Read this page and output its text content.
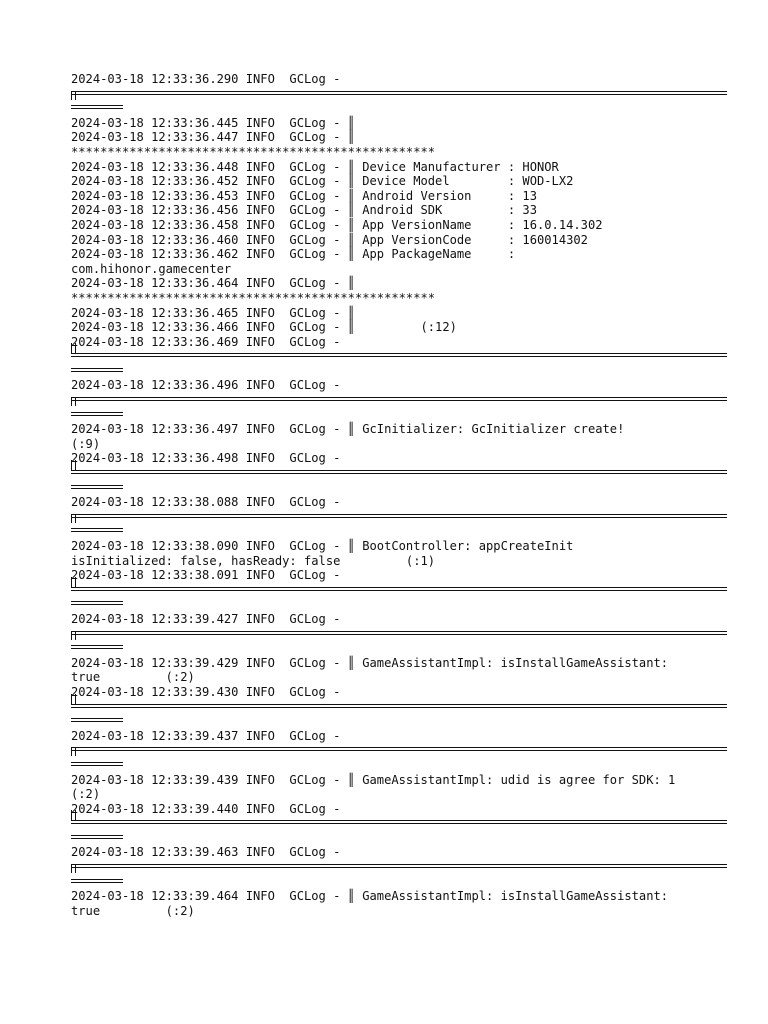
2024-03-18 12:33:36.290 INFO  GCLog -
2024-03-18 12:33:36.445 INFO  GCLog - ║
2024-03-18 12:33:36.447 INFO  GCLog - ║
**************************************************
2024-03-18 12:33:36.448 INFO  GCLog - ║ Device Manufacturer : HONOR
2024-03-18 12:33:36.452 INFO  GCLog - ║ Device Model        : WOD-LX2
2024-03-18 12:33:36.453 INFO  GCLog - ║ Android Version     : 13
2024-03-18 12:33:36.456 INFO  GCLog - ║ Android SDK         : 33
2024-03-18 12:33:36.458 INFO  GCLog - ║ App VersionName     : 16.0.14.302
2024-03-18 12:33:36.460 INFO  GCLog - ║ App VersionCode     : 160014302
2024-03-18 12:33:36.462 INFO  GCLog - ║ App PackageName     :
com.hihonor.gamecenter
2024-03-18 12:33:36.464 INFO  GCLog - ║
**************************************************
2024-03-18 12:33:36.465 INFO  GCLog - ║
2024-03-18 12:33:36.466 INFO  GCLog - ║         (:12)
2024-03-18 12:33:36.469 INFO  GCLog -
2024-03-18 12:33:36.496 INFO  GCLog -
2024-03-18 12:33:36.497 INFO  GCLog - ║ GcInitializer: GcInitializer create!
(:9)
2024-03-18 12:33:36.498 INFO  GCLog -
2024-03-18 12:33:38.088 INFO  GCLog -
2024-03-18 12:33:38.090 INFO  GCLog - ║ BootController: appCreateInit
isInitialized: false, hasReady: false         (:1)
2024-03-18 12:33:38.091 INFO  GCLog -
2024-03-18 12:33:39.427 INFO  GCLog -
2024-03-18 12:33:39.429 INFO  GCLog - ║ GameAssistantImpl: isInstallGameAssistant:
true         (:2)
2024-03-18 12:33:39.430 INFO  GCLog -
2024-03-18 12:33:39.437 INFO  GCLog -
2024-03-18 12:33:39.439 INFO  GCLog - ║ GameAssistantImpl: udid is agree for SDK: 1
(:2)
2024-03-18 12:33:39.440 INFO  GCLog -
2024-03-18 12:33:39.463 INFO  GCLog -
2024-03-18 12:33:39.464 INFO  GCLog - ║ GameAssistantImpl: isInstallGameAssistant:
true         (:2)
